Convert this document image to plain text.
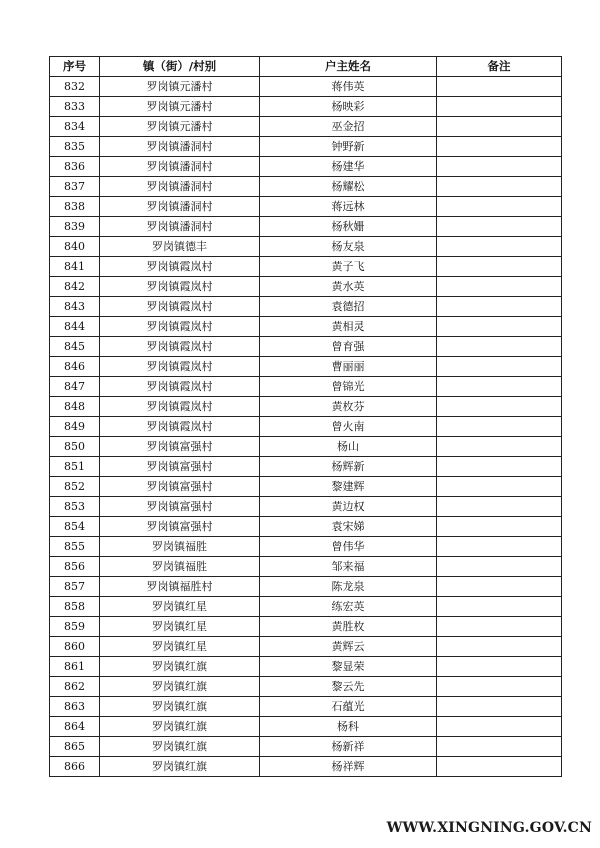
序号	镇（街）/村别	户主姓名	备注
832	罗岗镇元潘村	蒋伟英	
833	罗岗镇元潘村	杨映彩	
834	罗岗镇元潘村	巫金招	
835	罗岗镇潘洞村	钟野新	
836	罗岗镇潘洞村	杨建华	
837	罗岗镇潘洞村	杨耀松	
838	罗岗镇潘洞村	蒋远林	
839	罗岗镇潘洞村	杨秋姗	
840	罗岗镇德丰	杨友泉	
841	罗岗镇霞岚村	黄子飞	
842	罗岗镇霞岚村	黄水英	
843	罗岗镇霞岚村	袁德招	
844	罗岗镇霞岚村	黄相灵	
845	罗岗镇霞岚村	曾育强	
846	罗岗镇霞岚村	曹丽丽	
847	罗岗镇霞岚村	曾锦光	
848	罗岗镇霞岚村	黄枚芬	
849	罗岗镇霞岚村	曾火南	
850	罗岗镇富强村	杨山	
851	罗岗镇富强村	杨辉新	
852	罗岗镇富强村	黎建辉	
853	罗岗镇富强村	黄边权	
854	罗岗镇富强村	袁宋娣	
855	罗岗镇福胜	曾伟华	
856	罗岗镇福胜	邹来福	
857	罗岗镇福胜村	陈龙泉	
858	罗岗镇红星	练宏英	
859	罗岗镇红星	黄胜枚	
860	罗岗镇红星	黄辉云	
861	罗岗镇红旗	黎显荣	
862	罗岗镇红旗	黎云先	
863	罗岗镇红旗	石蕴光	
864	罗岗镇红旗	杨科	
865	罗岗镇红旗	杨新祥	
866	罗岗镇红旗	杨祥辉	
WWW.XINGNING.GOV.CN
